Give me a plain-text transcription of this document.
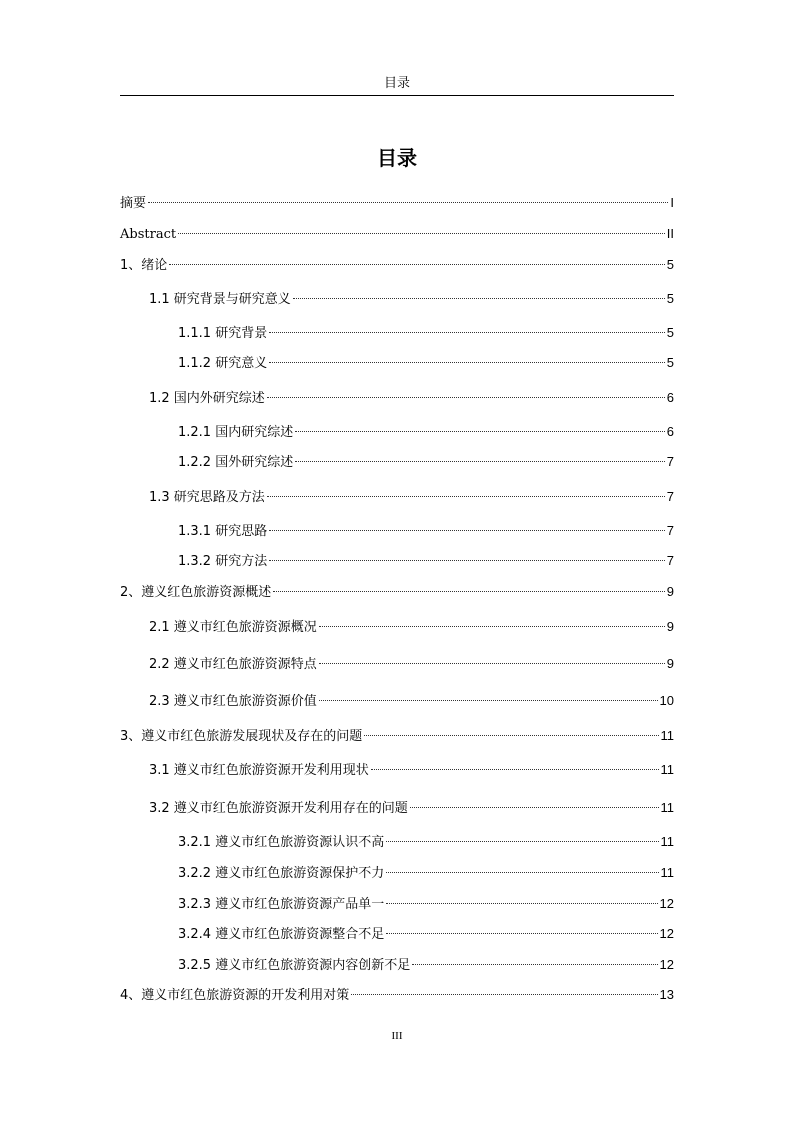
目录
目录
摘要	I
Abstract	II
1、绪论	5
1.1 研究背景与研究意义	5
1.1.1 研究背景	5
1.1.2 研究意义	5
1.2 国内外研究综述	6
1.2.1 国内研究综述	6
1.2.2 国外研究综述	7
1.3 研究思路及方法	7
1.3.1 研究思路	7
1.3.2 研究方法	7
2、遵义红色旅游资源概述	9
2.1 遵义市红色旅游资源概况	9
2.2 遵义市红色旅游资源特点	9
2.3 遵义市红色旅游资源价值	10
3、遵义市红色旅游发展现状及存在的问题	11
3.1 遵义市红色旅游资源开发利用现状	11
3.2 遵义市红色旅游资源开发利用存在的问题	11
3.2.1 遵义市红色旅游资源认识不高	11
3.2.2 遵义市红色旅游资源保护不力	11
3.2.3 遵义市红色旅游资源产品单一	12
3.2.4 遵义市红色旅游资源整合不足	12
3.2.5 遵义市红色旅游资源内容创新不足	12
4、遵义市红色旅游资源的开发利用对策	13
III
